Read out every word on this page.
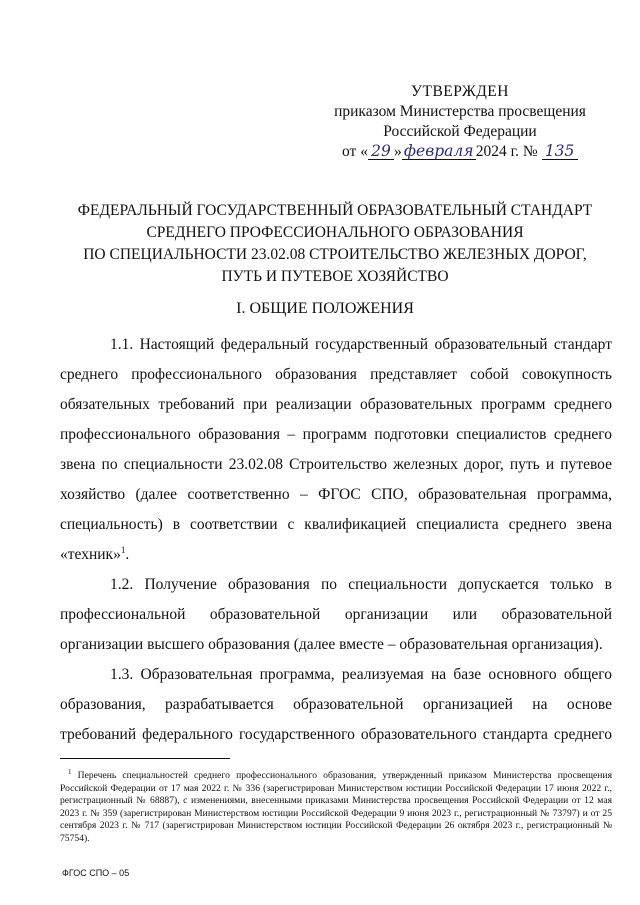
УТВЕРЖДЕН
приказом Министерства просвещения
Российской Федерации
от « 29 » февраля 2024 г. № 135
ФЕДЕРАЛЬНЫЙ ГОСУДАРСТВЕННЫЙ ОБРАЗОВАТЕЛЬНЫЙ СТАНДАРТ
СРЕДНЕГО ПРОФЕССИОНАЛЬНОГО ОБРАЗОВАНИЯ
ПО СПЕЦИАЛЬНОСТИ 23.02.08 СТРОИТЕЛЬСТВО ЖЕЛЕЗНЫХ ДОРОГ,
ПУТЬ И ПУТЕВОЕ ХОЗЯЙСТВО
I. ОБЩИЕ ПОЛОЖЕНИЯ

1.1. Настоящий федеральный государственный образовательный стандарт среднего профессионального образования представляет собой совокупность обязательных требований при реализации образовательных программ среднего профессионального образования – программ подготовки специалистов среднего звена по специальности 23.02.08 Строительство железных дорог, путь и путевое хозяйство (далее соответственно – ФГОС СПО, образовательная программа, специальность) в соответствии с квалификацией специалиста среднего звена «техник»$^1$.

1.2. Получение образования по специальности допускается только в профессиональной образовательной организации или образовательной организации высшего образования (далее вместе – образовательная организация).

1.3. Образовательная программа, реализуемая на базе основного общего образования, разрабатывается образовательной организацией на основе требований федерального государственного образовательного стандарта среднего

$^1$ Перечень специальностей среднего профессионального образования, утвержденный приказом Министерства просвещения Российской Федерации от 17 мая 2022 г. № 336 (зарегистрирован Министерством юстиции Российской Федерации 17 июня 2022 г., регистрационный № 68887), с изменениями, внесенными приказами Министерства просвещения Российской Федерации от 12 мая 2023 г. № 359 (зарегистрирован Министерством юстиции Российской Федерации 9 июня 2023 г., регистрационный № 73797) и от 25 сентября 2023 г. № 717 (зарегистрирован Министерством юстиции Российской Федерации 26 октября 2023 г., регистрационный № 75754).
ФГОС СПО – 05
